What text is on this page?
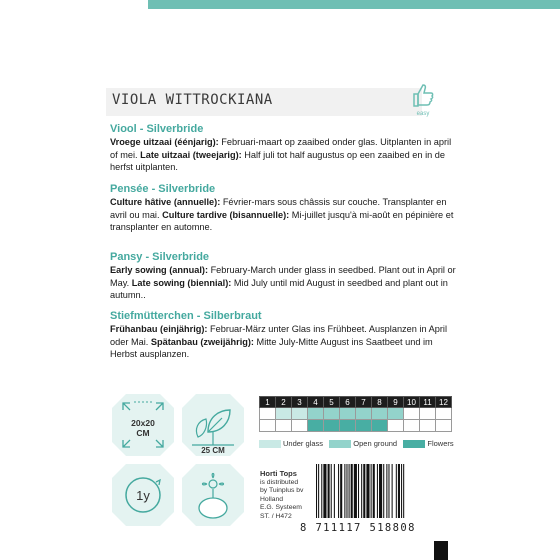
VIOLA WITTROCKIANA
easy
Viool - Silverbride
Vroege uitzaai (éénjarig): Februari-maart op zaaibed onder glas. Uitplanten in april of mei. Late uitzaai (tweejarig): Half juli tot half augustus op een zaaibed en in de herfst uitplanten.
Pensée - Silverbride
Culture hâtive (annuelle): Février-mars sous châssis sur couche. Transplanter en avril ou mai. Culture tardive (bisannuelle): Mi-juillet jusqu'à mi-août en pépinière et transplanter en automne.
Pansy - Silverbride
Early sowing (annual): February-March under glass in seedbed. Plant out in April or May. Late sowing (biennial): Mid July until mid August in seedbed and plant out in autumn..
Stiefmütterchen - Silberbraut
Frühanbau (einjährig): Februar-März unter Glas ins Frühbeet. Ausplanzen in April oder Mai. Spätanbau (zweijährig): Mitte July-Mitte August ins Saatbeet und im Herbst ausplanzen.
20x20 CM
25 CM
1y
1	2	3	4	5	6	7	8	9	10	11	12

Under glass	Open ground	Flowers
Horti Tops
is distributed
by Tuinplus bv
Holland
E.G. Systeem
ST. / H472
8 711117 518808
